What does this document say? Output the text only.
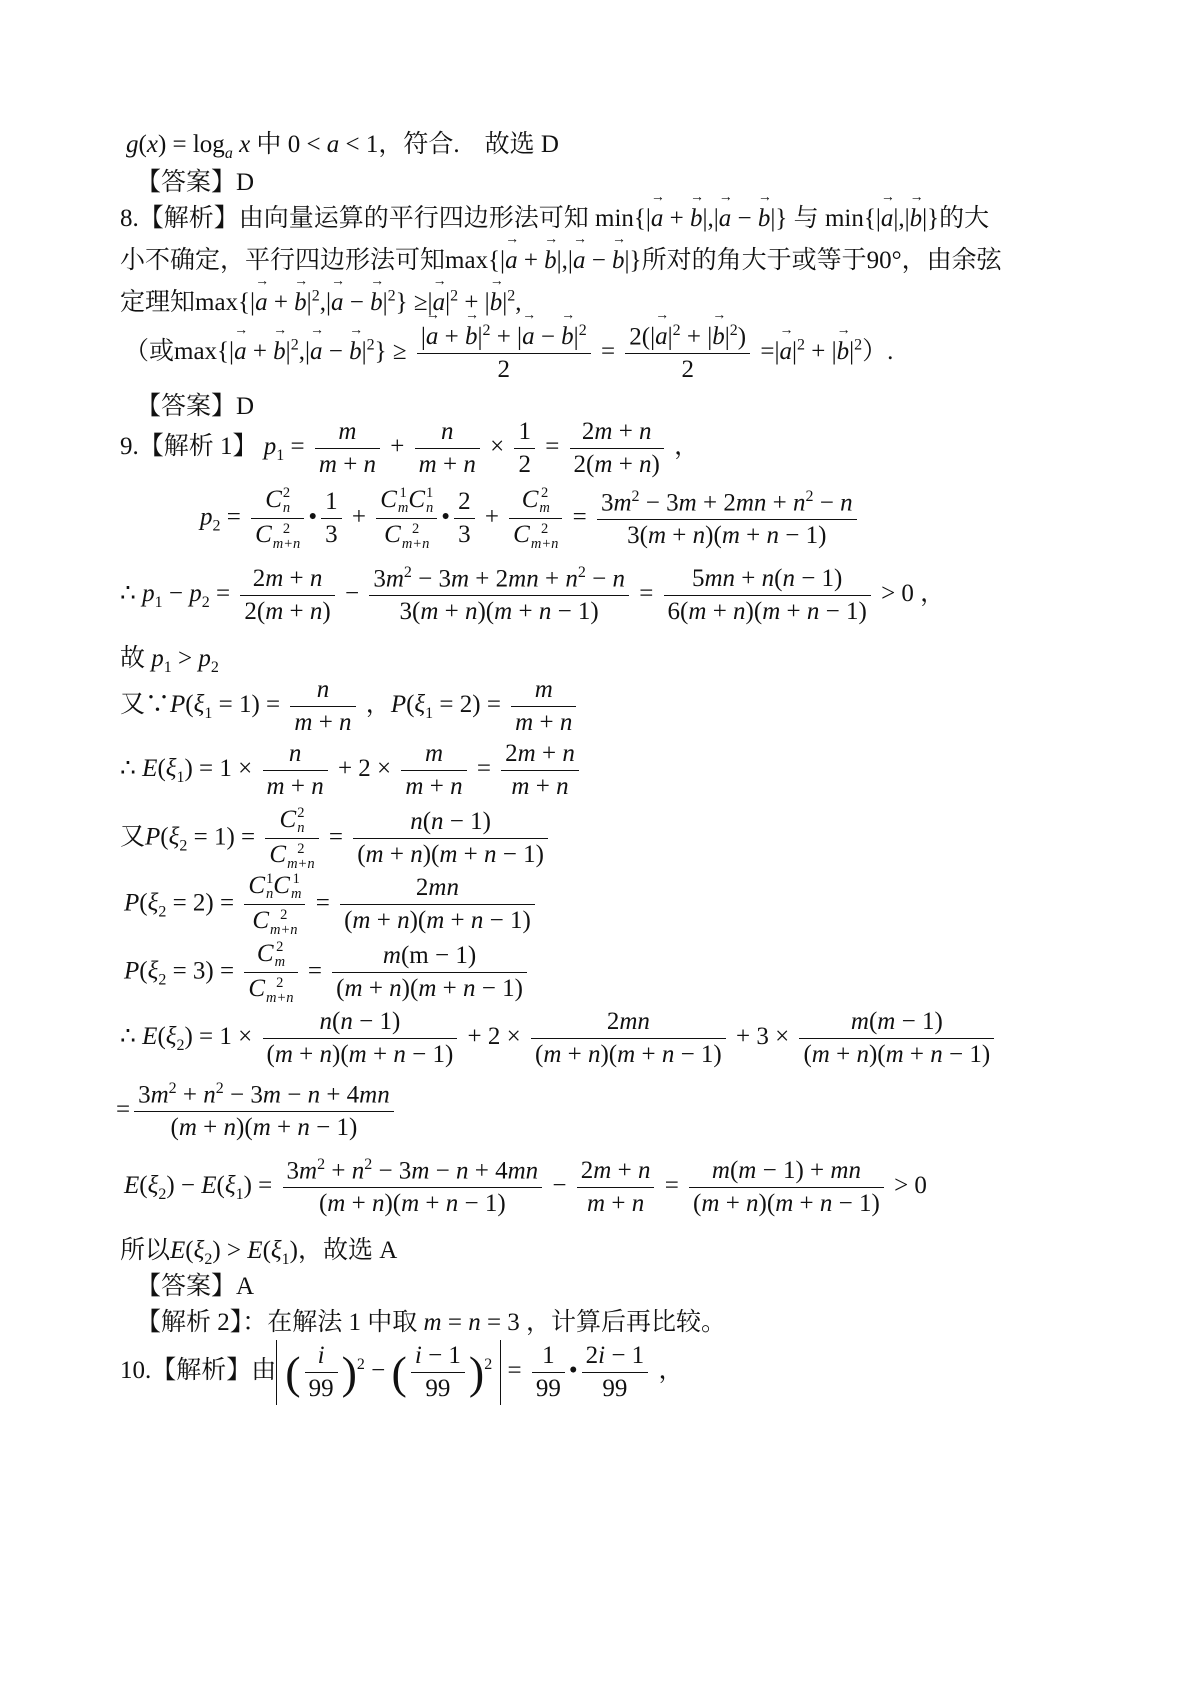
$g(x) = \log_a x$ 中 0 < a < 1，符合.　故选 D
【答案】D
8.【解析】由向量运算的平行四边形法可知 min{|→ a + → b|,|→ a − → b|} 与 min{|→ a|,|→ b|}的大
小不确定，平行四边形法可知max{|→ a + → b|,|→ a − → b|}所对的角大于或等于90°，由余弦
定理知max{|→ a + → $b|^2,|\to a$ − → $b|^2$} ≥|→ $a|^2$ + |→ $b|^2$,
（或max{|→ a + → $b|^2,|\to a$ − → $b|^2\} \ge \frac{|\to a + \to b|^2 + |\to a - \to b|^2}{2} = \frac{2(|\to a|^2 + |\to b|^2)}{2}$ =|→ $a|^2$ + |→ $b|^2$）.
【答案】D
9.【解析 1】 $p_1 = \frac{m}{m + n} + \frac{n}{m + n} \times \frac{1}{2} = \frac{2m + n}{2(m + n)}$ ，
$p_2 = C$ 2
n
C 2
m+n • $\frac{1}{3} + C$ 1
m C 1
n
C 2
m+n • $\frac{2}{3} + C$ 2
m
C 2
$m+n = \frac{3m^2 - 3m + 2mn + n^2 - n}{3(m + n)(m + n - 1)}$
∴ $p_1 - p_2 = \frac{2m + n}{2(m + n)} - \frac{3m^2 - 3m + 2mn + n^2 - n}{3(m + n)(m + n - 1)} = \frac{5mn + n(n - 1)}{6(m + n)(m + n - 1)} > 0$ ，
故 $p_1 > p_2$
又$\because P(\xi_1 = 1) = \frac{n}{m + n}$ ，$P(\xi_1 = 2) = \frac{m}{m + n}$
∴ $E(\xi_1) = 1 \times \frac{n}{m + n} + 2 \times \frac{m}{m + n} = \frac{2m + n}{m + n}$
又$P(\xi_2 = 1) = C$ 2
n
C 2
$m+n = \frac{n(n - 1)}{(m + n)(m + n - 1)}$
$P(\xi_2 = 2) = C$ 1
n C 1
m
C 2
$m+n = \frac{2mn}{(m + n)(m + n - 1)}$
$P(\xi_2 = 3) = C$ 2
m
C 2
$m+n = \frac{m(m - 1)}{(m + n)(m + n - 1)}$
∴ $E(\xi_2) = 1 \times \frac{n(n - 1)}{(m + n)(m + n - 1)} + 2 \times \frac{2mn}{(m + n)(m + n - 1)} + 3 \times \frac{m(m - 1)}{(m + n)(m + n - 1)}$
= $\frac{3m^2 + n^2 - 3m - n + 4mn}{(m + n)(m + n - 1)}$
$E(\xi_2) - E(\xi_1) = \frac{3m^2 + n^2 - 3m - n + 4mn}{(m + n)(m + n - 1)} - \frac{2m + n}{m + n} = \frac{m(m - 1) + mn}{(m + n)(m + n - 1)} > 0$
所以$E(\xi_2) > E(\xi_1)$，故选 A
【答案】A
【解析 2】：在解法 1 中取 m = n = 3 ，计算后再比较。
10.【解析】由 ( $\frac{i}{99} )^2$ − ( $\frac{i - 1}{99} )^2 = \frac{1}{99}$ • $\frac{2i - 1}{99}$ ，
